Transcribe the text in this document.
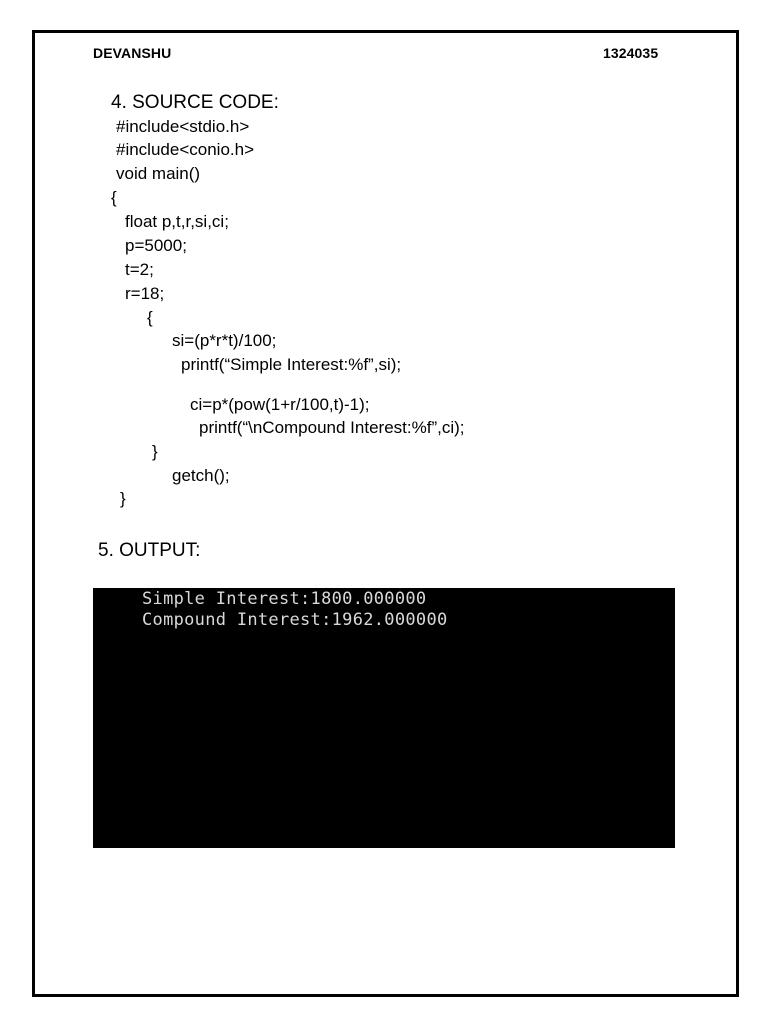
DEVANSHU	1324035
4. SOURCE CODE:
#include<stdio.h>
#include<conio.h>
void main()
{
float p,t,r,si,ci;
p=5000;
t=2;
r=18;
{
si=(p*r*t)/100;
printf(“Simple Interest:%f”,si);
ci=p*(pow(1+r/100,t)-1);
printf(“\nCompound Interest:%f”,ci);
}
getch();
}
5. OUTPUT:
Simple Interest:1800.000000
Compound Interest:1962.000000
